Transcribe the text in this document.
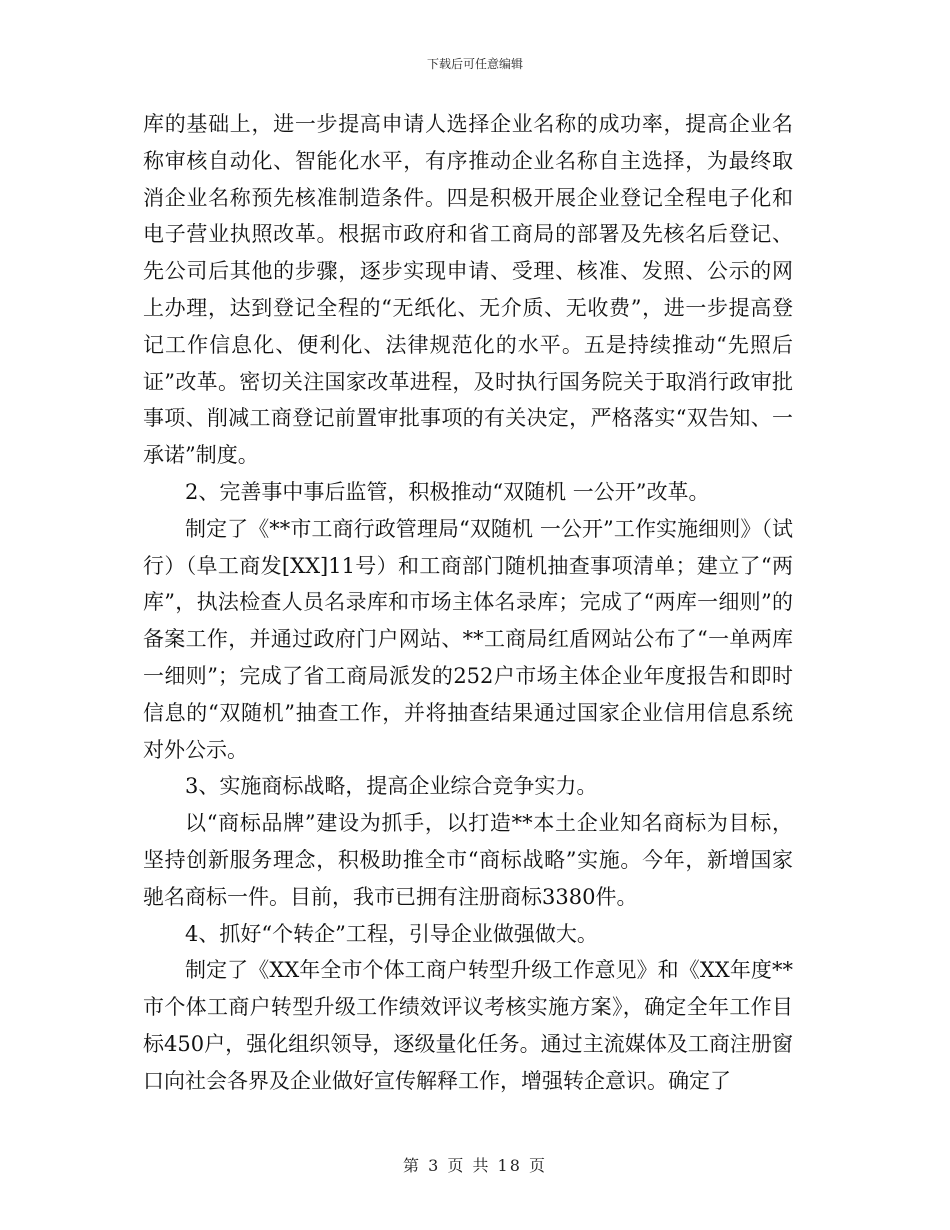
下载后可任意编辑

库的基础上，进一步提高申请人选择企业名称的成功率，提高企业名称审核自动化、智能化水平，有序推动企业名称自主选择，为最终取消企业名称预先核准制造条件。四是积极开展企业登记全程电子化和电子营业执照改革。根据市政府和省工商局的部署及先核名后登记、先公司后其他的步骤，逐步实现申请、受理、核准、发照、公示的网上办理，达到登记全程的“无纸化、无介质、无收费”，进一步提高登记工作信息化、便利化、法律规范化的水平。五是持续推动“先照后证”改革。密切关注国家改革进程，及时执行国务院关于取消行政审批事项、削减工商登记前置审批事项的有关决定，严格落实“双告知、一承诺”制度。

2、完善事中事后监管，积极推动“双随机 一公开”改革。

制定了《**市工商行政管理局“双随机 一公开”工作实施细则》（试行）（阜工商发[XX]11号）和工商部门随机抽查事项清单；建立了“两库”，执法检查人员名录库和市场主体名录库；完成了“两库一细则”的备案工作，并通过政府门户网站、**工商局红盾网站公布了“一单两库一细则”；完成了省工商局派发的252户市场主体企业年度报告和即时信息的“双随机”抽查工作，并将抽查结果通过国家企业信用信息系统对外公示。

3、实施商标战略，提高企业综合竞争实力。

以“商标品牌”建设为抓手，以打造**本土企业知名商标为目标，坚持创新服务理念，积极助推全市“商标战略”实施。今年，新增国家驰名商标一件。目前，我市已拥有注册商标3380件。

4、抓好“个转企”工程，引导企业做强做大。

制定了《XX年全市个体工商户转型升级工作意见》和《XX年度**市个体工商户转型升级工作绩效评议考核实施方案》，确定全年工作目标450户，强化组织领导，逐级量化任务。通过主流媒体及工商注册窗口向社会各界及企业做好宣传解释工作，增强转企意识。确定了

第 3 页 共 18 页
